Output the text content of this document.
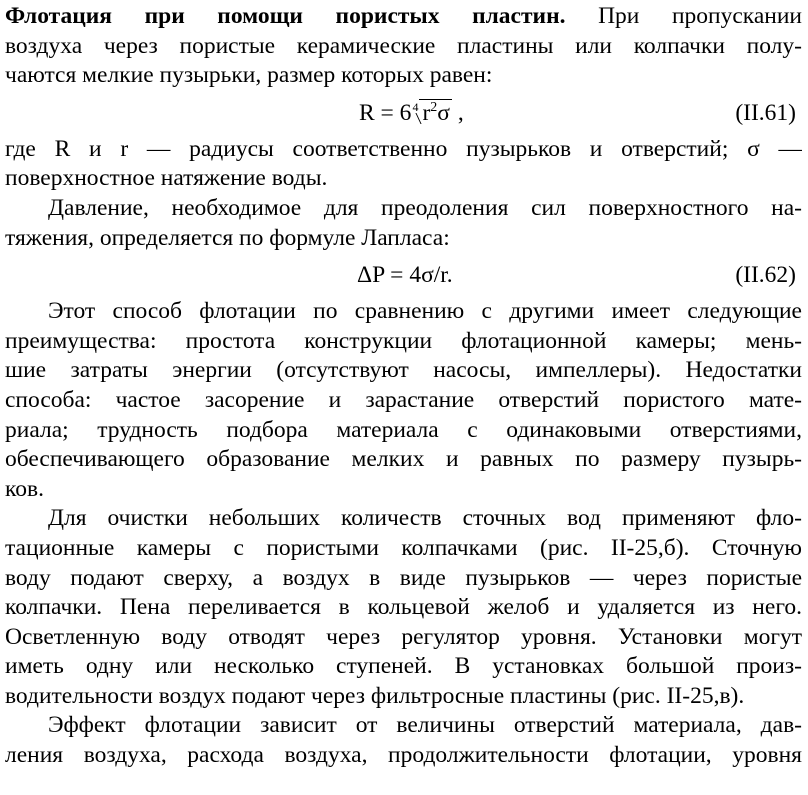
Флотация при помощи пористых пластин. При пропускании
воздуха через пористые керамические пластины или колпачки полу-
чаются мелкие пузырьки, размер которых равен:
$R = 6^4$ $r^2\sigma$ ,	(II.61)
где R и r — радиусы соответственно пузырьков и отверстий; σ —
поверхностное натяжение воды.
Давление, необходимое для преодоления сил поверхностного на-
тяжения, определяется по формуле Лапласа:
ΔP = 4σ/r.	(II.62)
Этот способ флотации по сравнению с другими имеет следующие
преимущества: простота конструкции флотационной камеры; мень-
шие затраты энергии (отсутствуют насосы, импеллеры). Недостатки
способа: частое засорение и зарастание отверстий пористого мате-
риала; трудность подбора материала с одинаковыми отверстиями,
обеспечивающего образование мелких и равных по размеру пузырь-
ков.
Для очистки небольших количеств сточных вод применяют фло-
тационные камеры с пористыми колпачками (рис. II-25,б). Сточную
воду подают сверху, а воздух в виде пузырьков — через пористые
колпачки. Пена переливается в кольцевой желоб и удаляется из него.
Осветленную воду отводят через регулятор уровня. Установки могут
иметь одну или несколько ступеней. В установках большой произ-
водительности воздух подают через фильтросные пластины (рис. II-25,в).
Эффект флотации зависит от величины отверстий материала, дав-
ления воздуха, расхода воздуха, продолжительности флотации, уровня
